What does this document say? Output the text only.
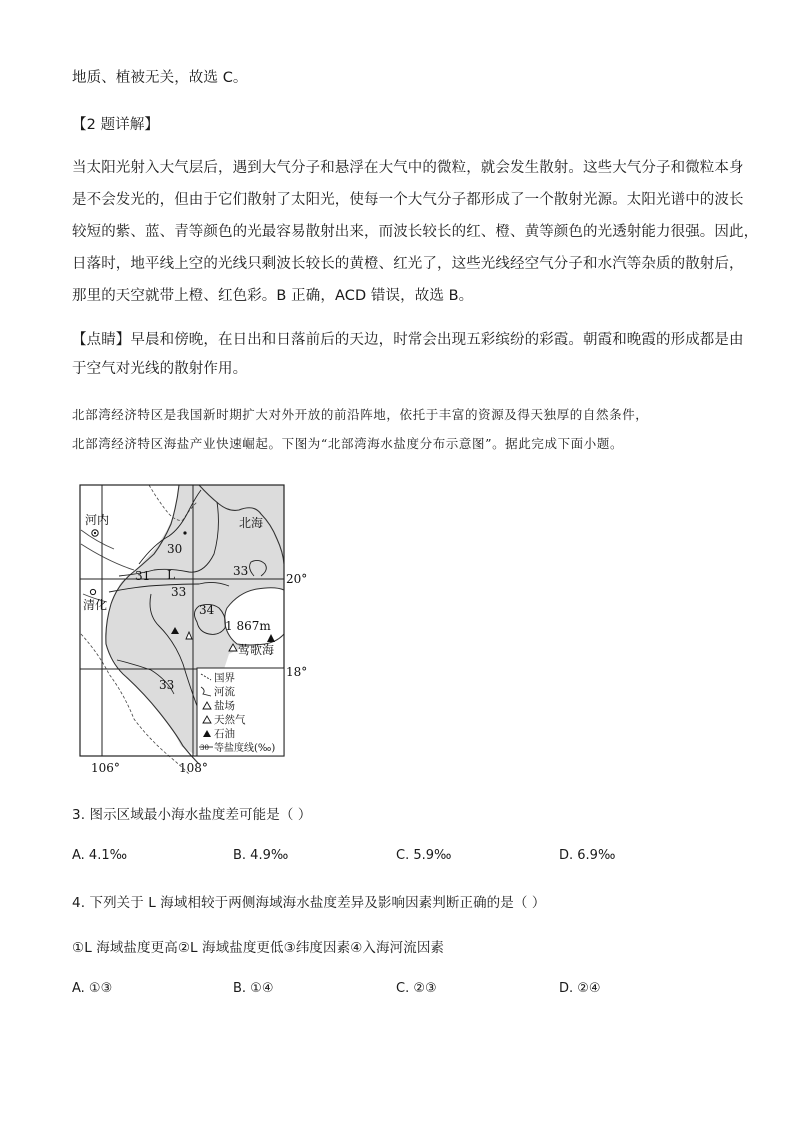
地质、植被无关，故选 C。
【2 题详解】
当太阳光射入大气层后，遇到大气分子和悬浮在大气中的微粒，就会发生散射。这些大气分子和微粒本身
是不会发光的，但由于它们散射了太阳光，使每一个大气分子都形成了一个散射光源。太阳光谱中的波长
较短的紫、蓝、青等颜色的光最容易散射出来，而波长较长的红、橙、黄等颜色的光透射能力很强。因此，
日落时，地平线上空的光线只剩波长较长的黄橙、红光了，这些光线经空气分子和水汽等杂质的散射后，
那里的天空就带上橙、红色彩。B 正确，ACD 错误，故选 B。
【点睛】早晨和傍晚，在日出和日落前后的天边，时常会出现五彩缤纷的彩霞。朝霞和晚霞的形成都是由
于空气对光线的散射作用。
北部湾经济特区是我国新时期扩大对外开放的前沿阵地，依托于丰富的资源及得天独厚的自然条件，
北部湾经济特区海盐产业快速崛起。下图为“北部湾海水盐度分布示意图”。据此完成下面小题。
河内	北海
清化
莺歌海
1 867m
30
31 L	33
33
34
33
20°
18°
106°	108°
国界
河流
盐场
天然气
石油
30 等盐度线(‰)
3. 图示区域最小海水盐度差可能是（ ）
A. 4.1‰	B. 4.9‰	C. 5.9‰	D. 6.9‰
4. 下列关于 L 海域相较于两侧海域海水盐度差异及影响因素判断正确的是（ ）
①L 海域盐度更高②L 海域盐度更低③纬度因素④入海河流因素
A. ①③	B. ①④	C. ②③	D. ②④
